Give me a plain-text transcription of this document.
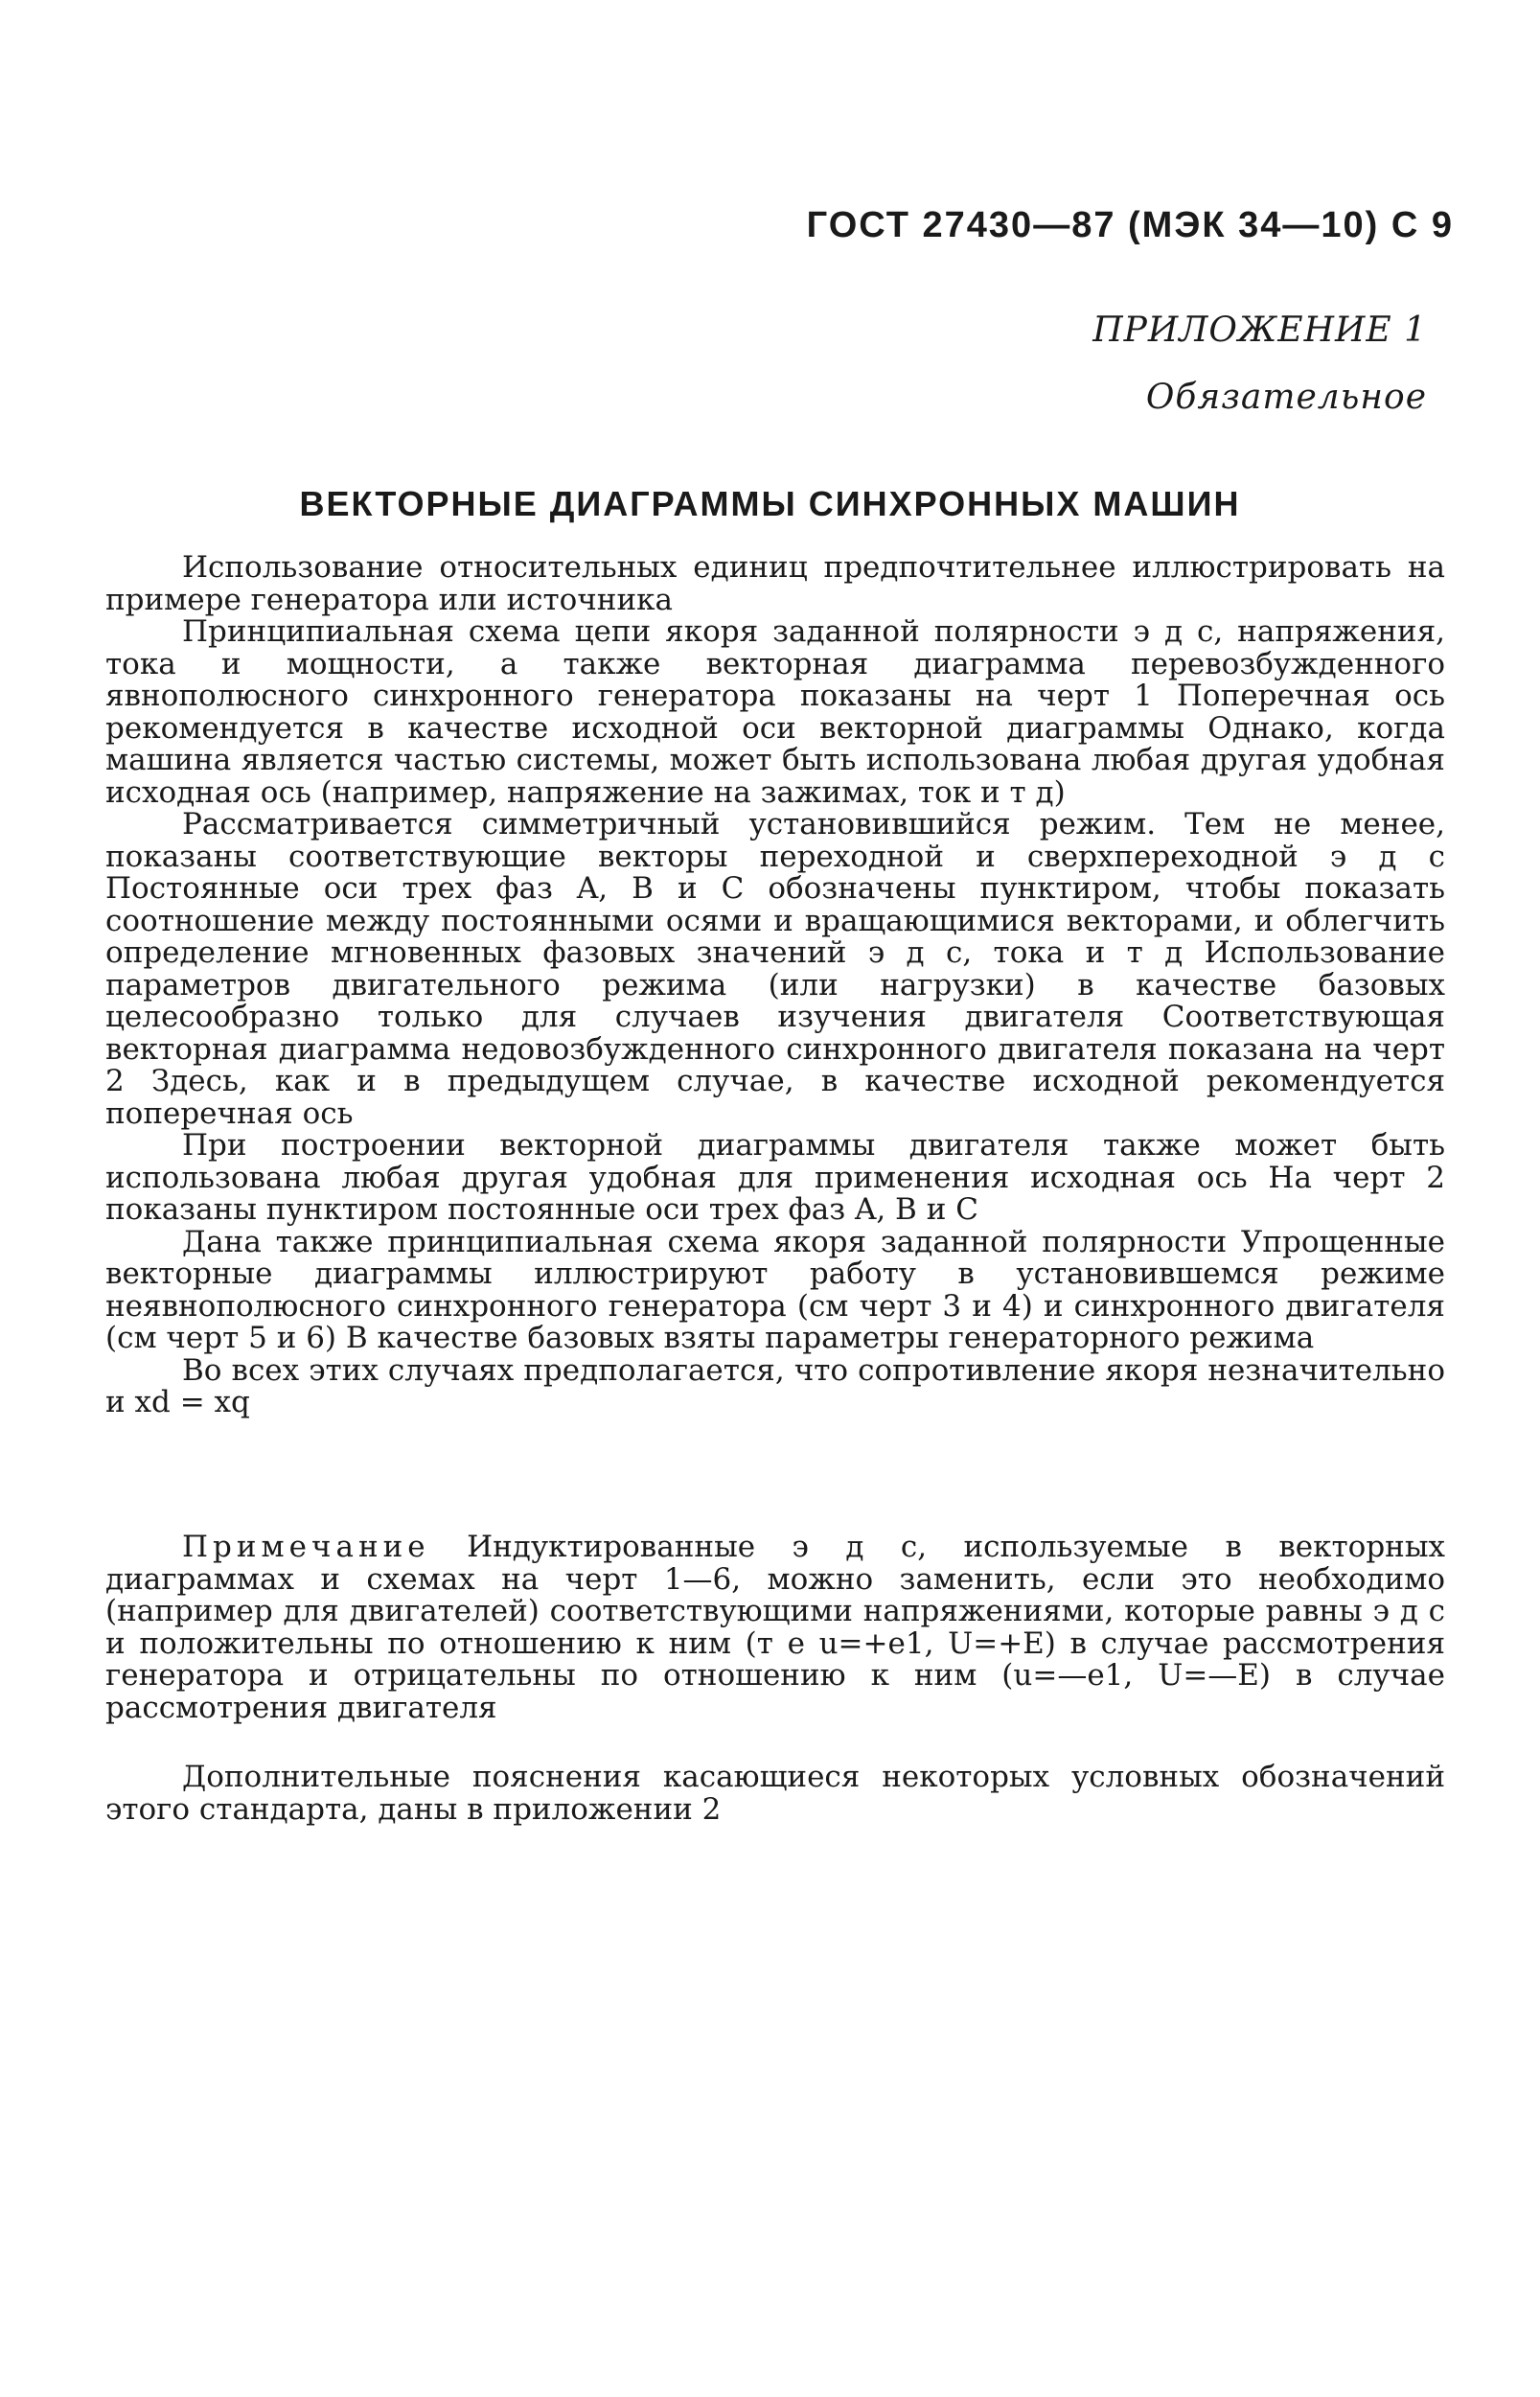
ГОСТ 27430—87 (МЭК 34—10) С 9
ПРИЛОЖЕНИЕ 1
Обязательное
ВЕКТОРНЫЕ ДИАГРАММЫ СИНХРОННЫХ МАШИН

Использование относительных единиц предпочтительнее иллюстрировать на примере генератора или источника

Принципиальная схема цепи якоря заданной полярности э д с, напряжения, тока и мощности, а также векторная диаграмма перевозбужденного явнополюсного синхронного генератора показаны на черт 1 Поперечная ось рекомендуется в качестве исходной оси векторной диаграммы Однако, когда машина является частью системы, может быть использована любая другая удобная исходная ось (например, напряжение на зажимах, ток и т д)

Рассматривается симметричный установившийся режим. Тем не менее, показаны соответствующие векторы переходной и сверхпереходной э д с Постоянные оси трех фаз A, B и C обозначены пунктиром, чтобы показать соотношение между постоянными осями и вращающимися векторами, и облегчить определение мгновенных фазовых значений э д с, тока и т д Использование параметров двигательного режима (или нагрузки) в качестве базовых целесообразно только для случаев изучения двигателя Соответствующая векторная диаграмма недовозбужденного синхронного двигателя показана на черт 2 Здесь, как и в предыдущем случае, в качестве исходной рекомендуется поперечная ось

При построении векторной диаграммы двигателя также может быть использована любая другая удобная для применения исходная ось На черт 2 показаны пунктиром постоянные оси трех фаз A, B и C

Дана также принципиальная схема якоря заданной полярности Упрощенные векторные диаграммы иллюстрируют работу в установившемся режиме неявнополюсного синхронного генератора (см черт 3 и 4) и синхронного двигателя (см черт 5 и 6) В качестве базовых взяты параметры генераторного режима

Во всех этих случаях предполагается, что сопротивление якоря незначительно и xd = xq

Примечание Индуктированные э д с, используемые в векторных диаграммах и схемах на черт 1—6, можно заменить, если это необходимо (например для двигателей) соответствующими напряжениями, которые равны э д с и положительны по отношению к ним (т е u=+e1, U=+E) в случае рассмотрения генератора и отрицательны по отношению к ним (u=—e1, U=—E) в случае рассмотрения двигателя

Дополнительные пояснения касающиеся некоторых условных обозначений этого стандарта, даны в приложении 2
